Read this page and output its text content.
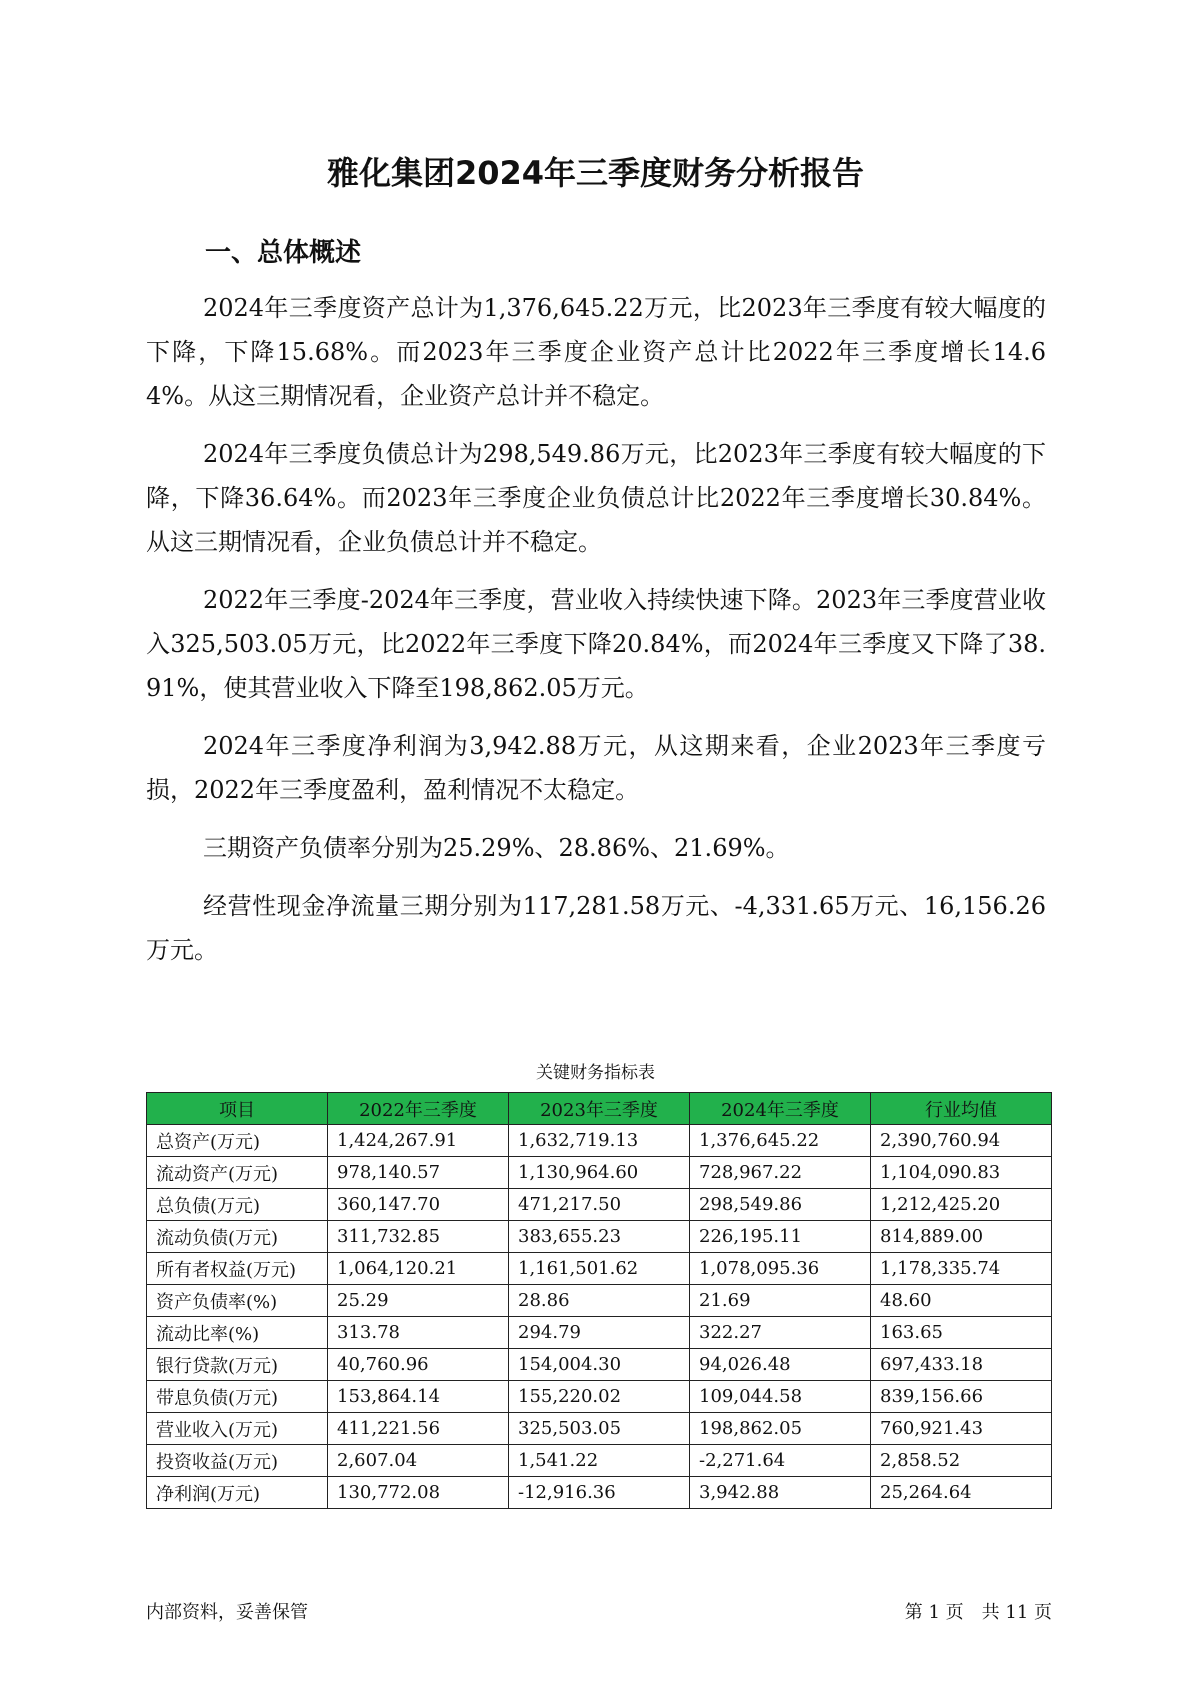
雅化集团2024年三季度财务分析报告
一、总体概述

2024年三季度资产总计为1,376,645.22万元，比2023年三季度有较大幅度的下降，下降15.68%。而2023年三季度企业资产总计比2022年三季度增长14.64%。从这三期情况看，企业资产总计并不稳定。

2024年三季度负债总计为298,549.86万元，比2023年三季度有较大幅度的下降，下降36.64%。而2023年三季度企业负债总计比2022年三季度增长30.84%。从这三期情况看，企业负债总计并不稳定。

2022年三季度-2024年三季度，营业收入持续快速下降。2023年三季度营业收入325,503.05万元，比2022年三季度下降20.84%，而2024年三季度又下降了38.91%，使其营业收入下降至198,862.05万元。

2024年三季度净利润为3,942.88万元，从这期来看，企业2023年三季度亏损，2022年三季度盈利，盈利情况不太稳定。

三期资产负债率分别为25.29%、28.86%、21.69%。

经营性现金净流量三期分别为117,281.58万元、-4,331.65万元、16,156.26万元。

关键财务指标表
项目	2022年三季度	2023年三季度	2024年三季度	行业均值
总资产(万元)	1,424,267.91	1,632,719.13	1,376,645.22	2,390,760.94
流动资产(万元)	978,140.57	1,130,964.60	728,967.22	1,104,090.83
总负债(万元)	360,147.70	471,217.50	298,549.86	1,212,425.20
流动负债(万元)	311,732.85	383,655.23	226,195.11	814,889.00
所有者权益(万元)	1,064,120.21	1,161,501.62	1,078,095.36	1,178,335.74
资产负债率(%)	25.29	28.86	21.69	48.60
流动比率(%)	313.78	294.79	322.27	163.65
银行贷款(万元)	40,760.96	154,004.30	94,026.48	697,433.18
带息负债(万元)	153,864.14	155,220.02	109,044.58	839,156.66
营业收入(万元)	411,221.56	325,503.05	198,862.05	760,921.43
投资收益(万元)	2,607.04	1,541.22	-2,271.64	2,858.52
净利润(万元)	130,772.08	-12,916.36	3,942.88	25,264.64
内部资料，妥善保管	第 1 页　共 11 页
